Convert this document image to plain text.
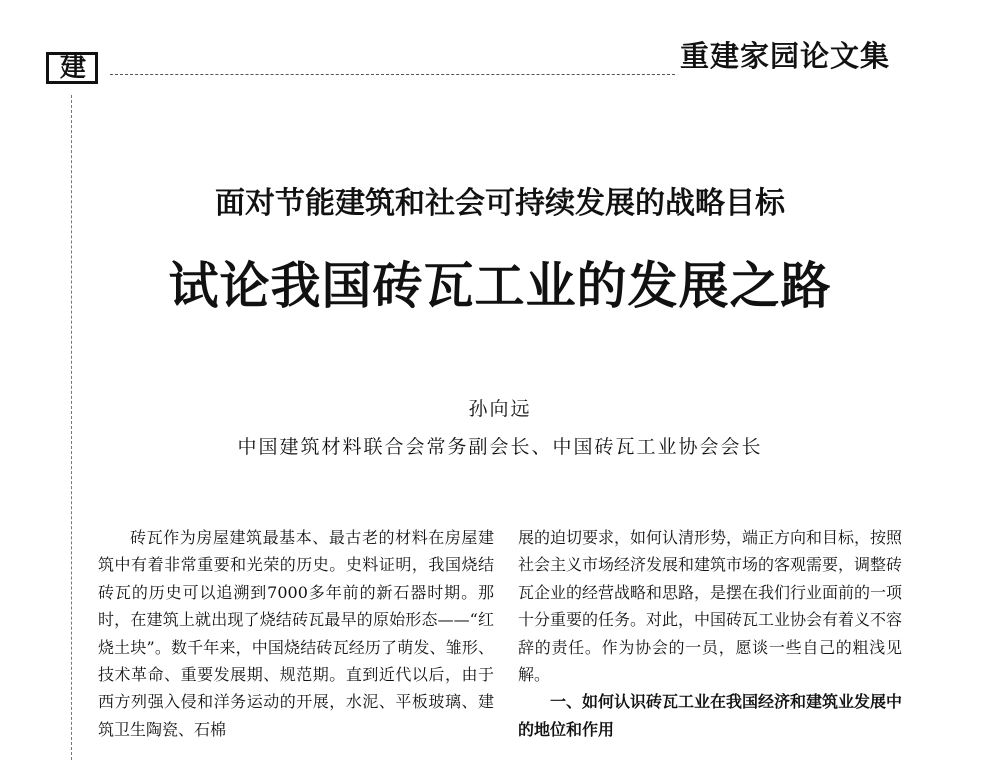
建	重建家园论文集
面对节能建筑和社会可持续发展的战略目标
试论我国砖瓦工业的发展之路
孙向远
中国建筑材料联合会常务副会长、中国砖瓦工业协会会长

砖瓦作为房屋建筑最基本、最古老的材料在房屋建筑中有着非常重要和光荣的历史。史料证明，我国烧结砖瓦的历史可以追溯到7000多年前的新石器时期。那时，在建筑上就出现了烧结砖瓦最早的原始形态——“红烧土块”。数千年来，中国烧结砖瓦经历了萌发、雏形、技术革命、重要发展期、规范期。直到近代以后，由于西方列强入侵和洋务运动的开展，水泥、平板玻璃、建筑卫生陶瓷、石棉

展的迫切要求，如何认清形势，端正方向和目标，按照社会主义市场经济发展和建筑市场的客观需要，调整砖瓦企业的经营战略和思路，是摆在我们行业面前的一项十分重要的任务。对此，中国砖瓦工业协会有着义不容辞的责任。作为协会的一员，愿谈一些自己的粗浅见解。

一、如何认识砖瓦工业在我国经济和建筑业发展中的地位和作用
